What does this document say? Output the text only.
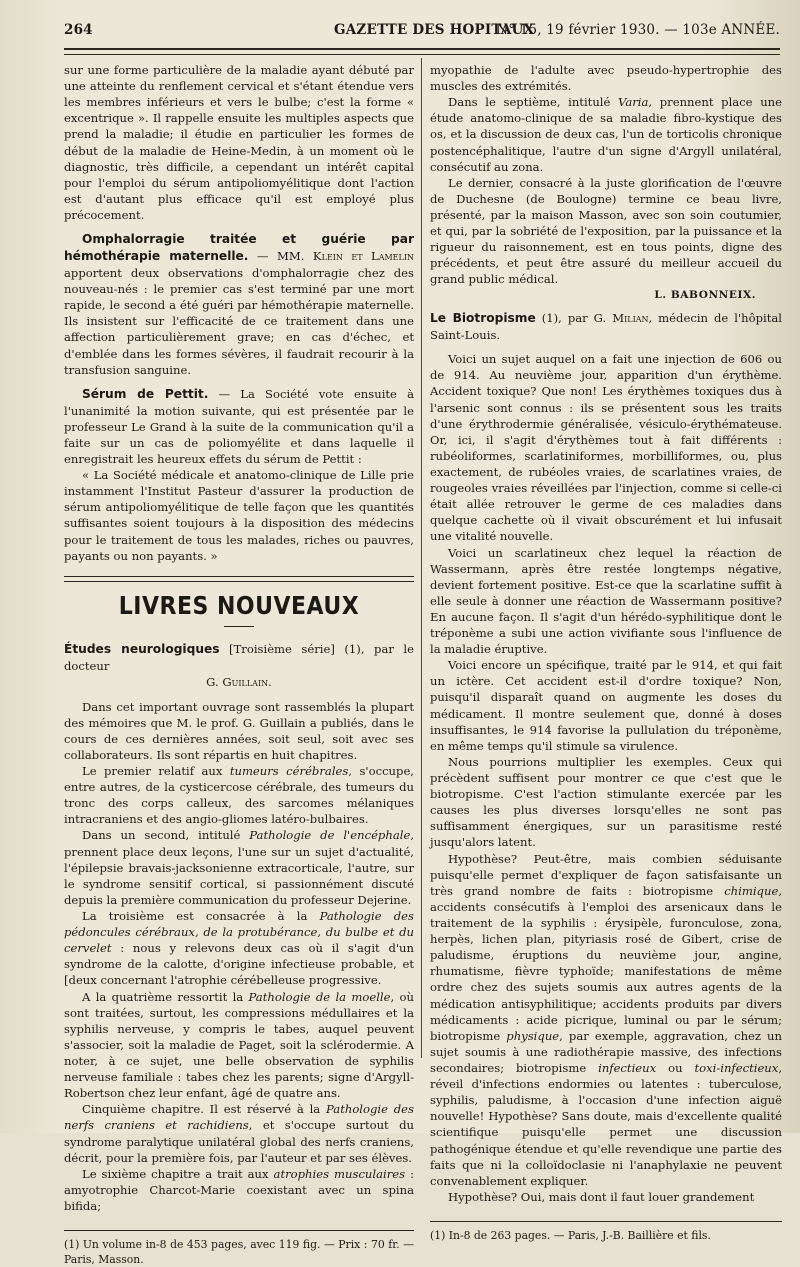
264	GAZETTE DES HOPITAUX
N° 15, 19 février 1930. — 103e ANNÉE.

sur une forme particulière de la maladie ayant débuté par une atteinte du renflement cervical et s'étant étendue vers les membres inférieurs et vers le bulbe; c'est la forme « excentrique ». Il rappelle ensuite les multiples aspects que prend la maladie; il étudie en particulier les formes de début de la maladie de Heine-Medin, à un moment où le diagnostic, très difficile, a cependant un intérêt capital pour l'emploi du sérum antipoliomyélitique dont l'action est d'autant plus efficace qu'il est employé plus précocement.

Omphalorragie traitée et guérie par hémothérapie maternelle. — MM. Klein et Lamelin apportent deux observations d'omphalorragie chez des nouveau-nés : le premier cas s'est terminé par une mort rapide, le second a été guéri par hémothérapie maternelle. Ils insistent sur l'efficacité de ce traitement dans une affection particulièrement grave; en cas d'échec, et d'emblée dans les formes sévères, il faudrait recourir à la transfusion sanguine.

Sérum de Pettit. — La Société vote ensuite à l'unanimité la motion suivante, qui est présentée par le professeur Le Grand à la suite de la communication qu'il a faite sur un cas de poliomyélite et dans laquelle il enregistrait les heureux effets du sérum de Pettit :

« La Société médicale et anatomo-clinique de Lille prie instamment l'Institut Pasteur d'assurer la production de sérum antipoliomyélitique de telle façon que les quantités suffisantes soient toujours à la disposition des médecins pour le traitement de tous les malades, riches ou pauvres, payants ou non payants. »

LIVRES NOUVEAUX

Études neurologiques [Troisième série] (1), par le docteur

G. Guillain.

Dans cet important ouvrage sont rassemblés la plupart des mémoires que M. le prof. G. Guillain a publiés, dans le cours de ces dernières années, soit seul, soit avec ses collaborateurs. Ils sont répartis en huit chapitres.

Le premier relatif aux tumeurs cérébrales, s'occupe, entre autres, de la cysticercose cérébrale, des tumeurs du tronc des corps calleux, des sarcomes mélaniques intracraniens et des angio-gliomes latéro-bulbaires.

Dans un second, intitulé Pathologie de l'encéphale, prennent place deux leçons, l'une sur un sujet d'actualité, l'épilepsie bravais-jacksonienne extracorticale, l'autre, sur le syndrome sensitif cortical, si passionnément discuté depuis la première communication du professeur Dejerine.

La troisième est consacrée à la Pathologie des pédoncules cérébraux, de la protubérance, du bulbe et du cervelet : nous y relevons deux cas où il s'agit d'un syndrome de la calotte, d'origine infectieuse probable, et [deux concernant l'atrophie cérébelleuse progressive.

A la quatrième ressortit la Pathologie de la moelle, où sont traitées, surtout, les compressions médullaires et la syphilis nerveuse, y compris le tabes, auquel peuvent s'associer, soit la maladie de Paget, soit la sclérodermie. A noter, à ce sujet, une belle observation de syphilis nerveuse familiale : tabes chez les parents; signe d'Argyll-Robertson chez leur enfant, âgé de quatre ans.

Cinquième chapitre. Il est réservé à la Pathologie des nerfs craniens et rachidiens, et s'occupe surtout du syndrome paralytique unilatéral global des nerfs craniens, décrit, pour la première fois, par l'auteur et par ses élèves.

Le sixième chapitre a trait aux atrophies musculaires : amyotrophie Charcot-Marie coexistant avec un spina bifida;

(1) Un volume in-8 de 453 pages, avec 119 fig. — Prix : 70 fr. — Paris, Masson.

myopathie de l'adulte avec pseudo-hypertrophie des muscles des extrémités.

Dans le septième, intitulé Varia, prennent place une étude anatomo-clinique de sa maladie fibro-kystique des os, et la discussion de deux cas, l'un de torticolis chronique postencéphalitique, l'autre d'un signe d'Argyll unilatéral, consécutif au zona.

Le dernier, consacré à la juste glorification de l'œuvre de Duchesne (de Boulogne) termine ce beau livre, présenté, par la maison Masson, avec son soin coutumier, et qui, par la sobriété de l'exposition, par la puissance et la rigueur du raisonnement, est en tous points, digne des précédents, et peut être assuré du meilleur accueil du grand public médical.

L. BABONNEIX.

Le Biotropisme (1), par G. Milian, médecin de l'hôpital Saint-Louis.

Voici un sujet auquel on a fait une injection de 606 ou de 914. Au neuvième jour, apparition d'un érythème. Accident toxique? Que non! Les érythèmes toxiques dus à l'arsenic sont connus : ils se présentent sous les traits d'une érythrodermie généralisée, vésiculo-érythémateuse. Or, ici, il s'agit d'érythèmes tout à fait différents : rubéoliformes, scarlatiniformes, morbilliformes, ou, plus exactement, de rubéoles vraies, de scarlatines vraies, de rougeoles vraies réveillées par l'injection, comme si celle-ci était allée retrouver le germe de ces maladies dans quelque cachette où il vivait obscurément et lui infusait une vitalité nouvelle.

Voici un scarlatineux chez lequel la réaction de Wassermann, après être restée longtemps négative, devient fortement positive. Est-ce que la scarlatine suffit à elle seule à donner une réaction de Wassermann positive? En aucune façon. Il s'agit d'un hérédo-syphilitique dont le tréponème a subi une action vivifiante sous l'influence de la maladie éruptive.

Voici encore un spécifique, traité par le 914, et qui fait un ictère. Cet accident est-il d'ordre toxique? Non, puisqu'il disparaît quand on augmente les doses du médicament. Il montre seulement que, donné à doses insuffisantes, le 914 favorise la pullulation du tréponème, en même temps qu'il stimule sa virulence.

Nous pourrions multiplier les exemples. Ceux qui précèdent suffisent pour montrer ce que c'est que le biotropisme. C'est l'action stimulante exercée par les causes les plus diverses lorsqu'elles ne sont pas suffisamment énergiques, sur un parasitisme resté jusqu'alors latent.

Hypothèse? Peut-être, mais combien séduisante puisqu'elle permet d'expliquer de façon satisfaisante un très grand nombre de faits : biotropisme chimique, accidents consécutifs à l'emploi des arsenicaux dans le traitement de la syphilis : érysipèle, furonculose, zona, herpès, lichen plan, pityriasis rosé de Gibert, crise de paludisme, éruptions du neuvième jour, angine, rhumatisme, fièvre typhoïde; manifestations de même ordre chez des sujets soumis aux autres agents de la médication antisyphilitique; accidents produits par divers médicaments : acide picrique, luminal ou par le sérum; biotropisme physique, par exemple, aggravation, chez un sujet soumis à une radiothérapie massive, des infections secondaires; biotropisme infectieux ou toxi-infectieux, réveil d'infections endormies ou latentes : tuberculose, syphilis, paludisme, à l'occasion d'une infection aiguë nouvelle! Hypothèse? Sans doute, mais d'excellente qualité scientifique puisqu'elle permet une discussion pathogénique étendue et qu'elle revendique une partie des faits que ni la colloïdoclasie ni l'anaphylaxie ne peuvent convenablement expliquer.

Hypothèse? Oui, mais dont il faut louer grandement

(1) In-8 de 263 pages. — Paris, J.-B. Baillière et fils.
